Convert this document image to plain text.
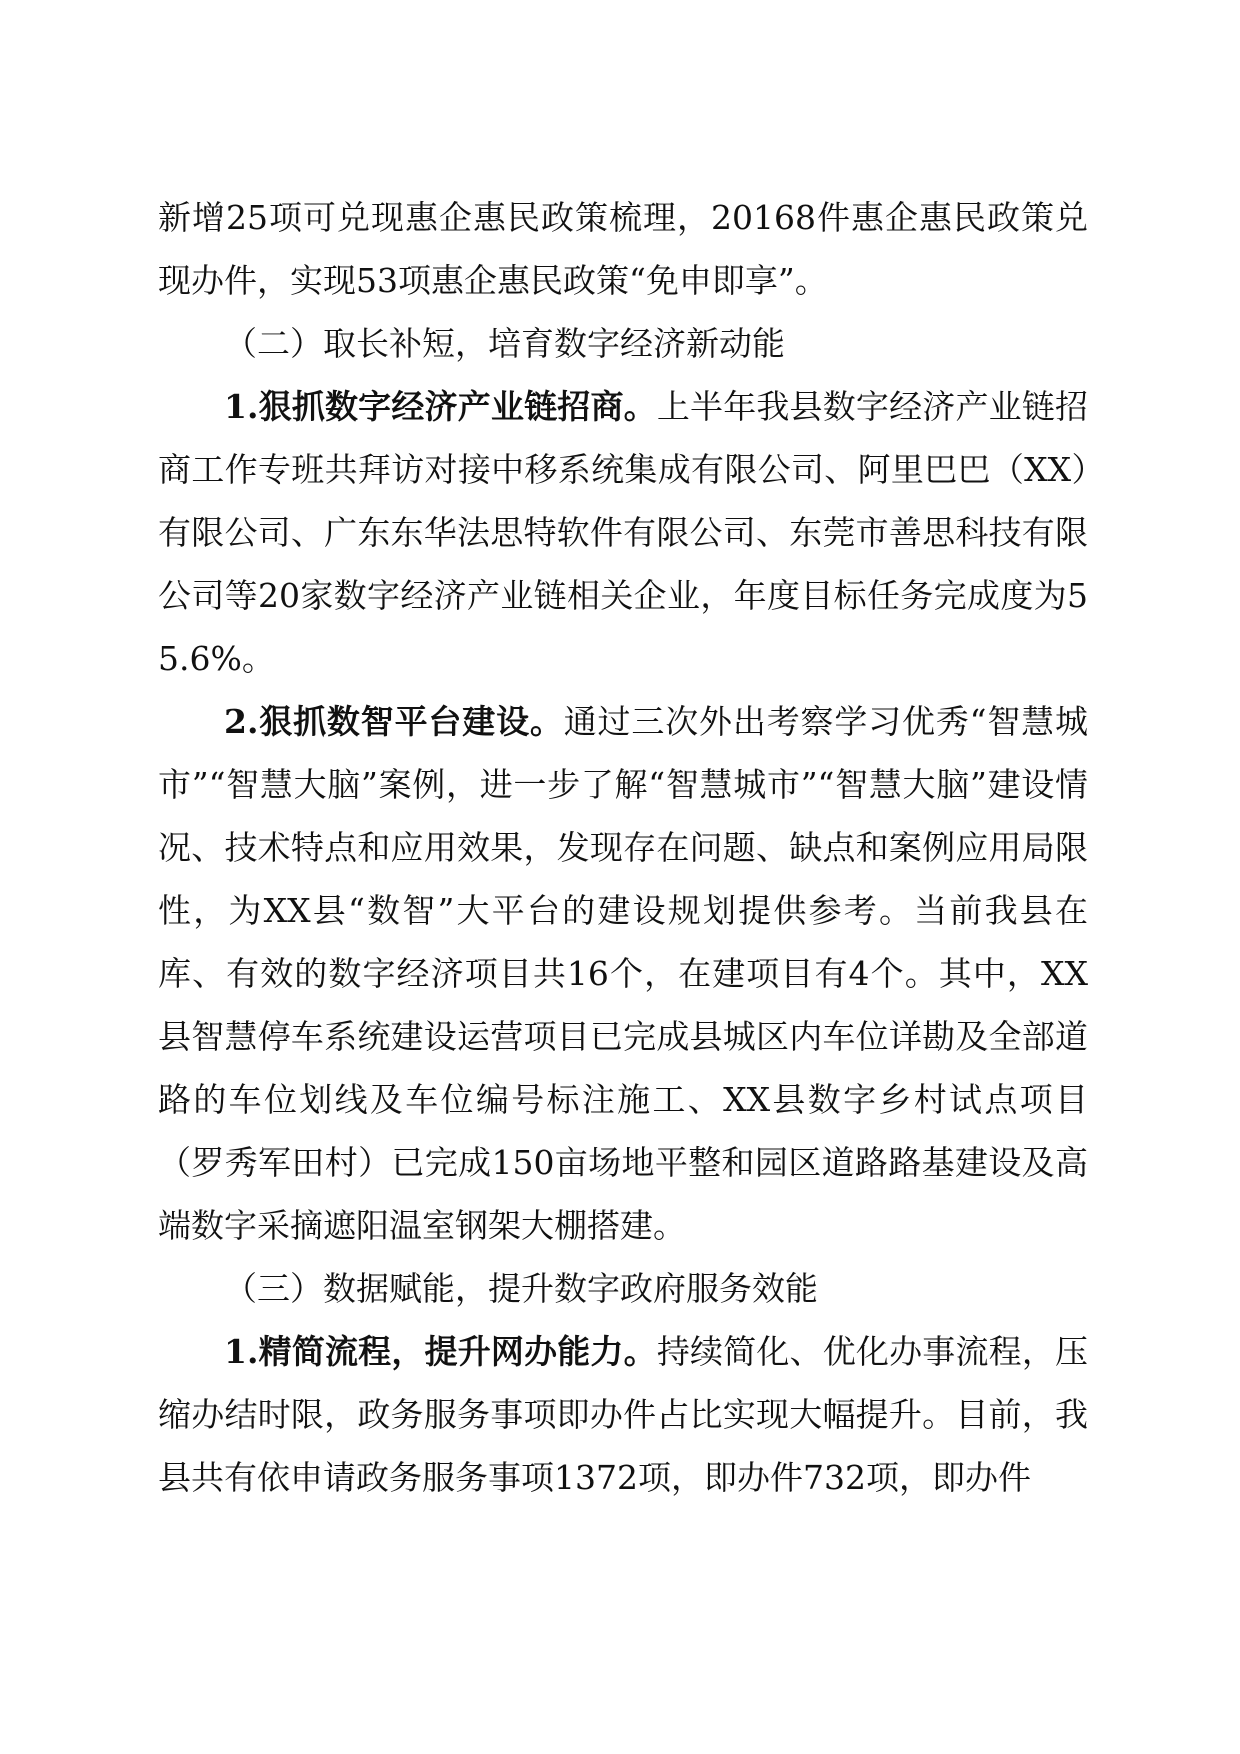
新增25项可兑现惠企惠民政策梳理，20168件惠企惠民政策兑现办件，实现53项惠企惠民政策“免申即享”。

（二）取长补短，培育数字经济新动能

1.狠抓数字经济产业链招商。上半年我县数字经济产业链招商工作专班共拜访对接中移系统集成有限公司、阿里巴巴（XX）有限公司、广东东华法思特软件有限公司、东莞市善思科技有限公司等20家数字经济产业链相关企业，年度目标任务完成度为55.6%。

2.狠抓数智平台建设。通过三次外出考察学习优秀“智慧城市”“智慧大脑”案例，进一步了解“智慧城市”“智慧大脑”建设情况、技术特点和应用效果，发现存在问题、缺点和案例应用局限性，为XX县“数智”大平台的建设规划提供参考。当前我县在库、有效的数字经济项目共16个，在建项目有4个。其中，XX县智慧停车系统建设运营项目已完成县城区内车位详勘及全部道路的车位划线及车位编号标注施工、XX县数字乡村试点项目（罗秀军田村）已完成150亩场地平整和园区道路路基建设及高端数字采摘遮阳温室钢架大棚搭建。

（三）数据赋能，提升数字政府服务效能

1.精简流程，提升网办能力。持续简化、优化办事流程，压缩办结时限，政务服务事项即办件占比实现大幅提升。目前，我县共有依申请政务服务事项1372项，即办件732项，即办件
